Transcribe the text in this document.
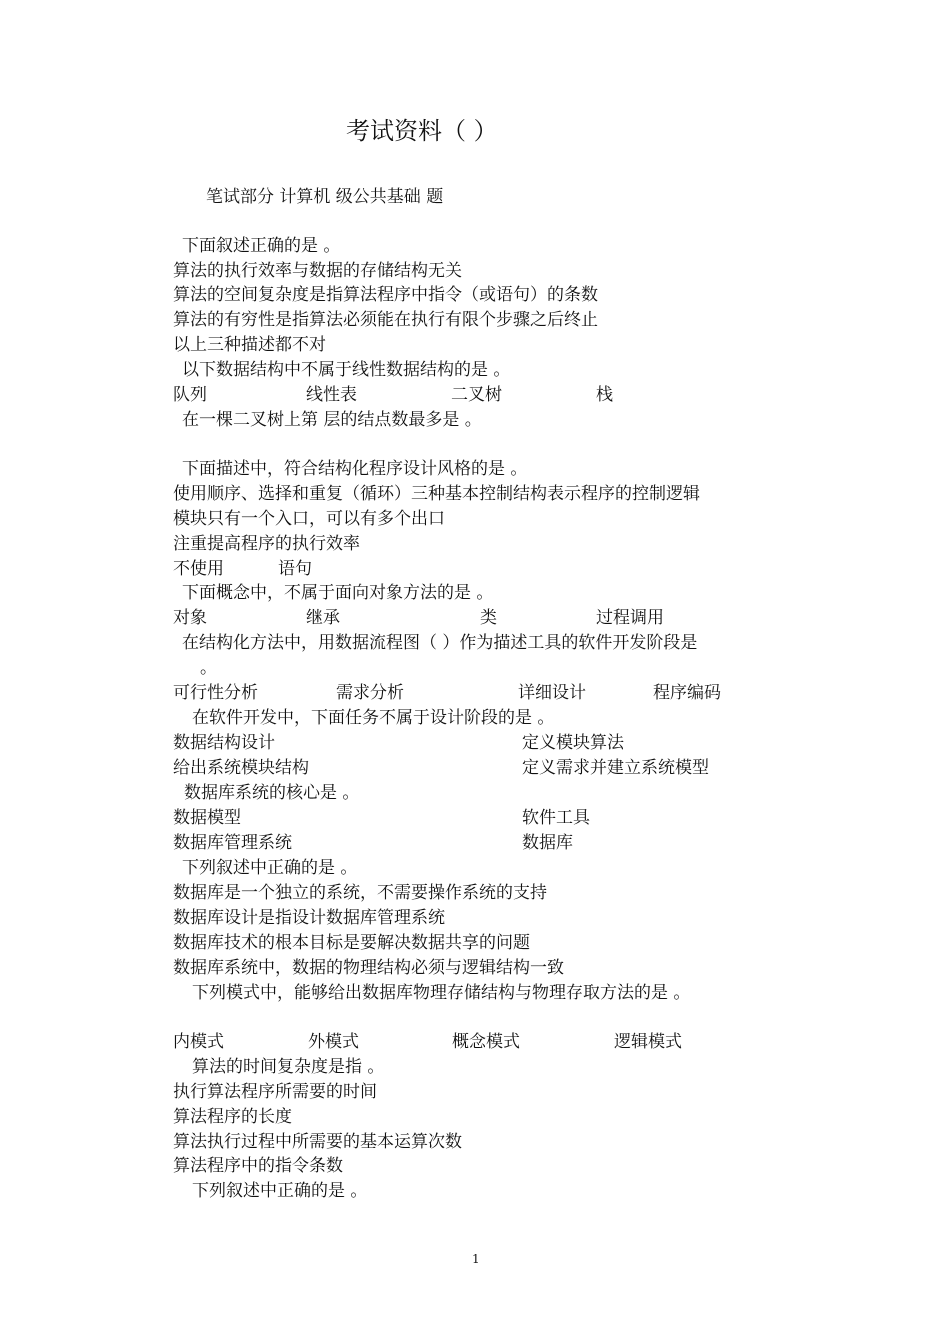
考试资料（ ）
笔试部分 计算机 级公共基础 题
下面叙述正确的是 。
算法的执行效率与数据的存储结构无关
算法的空间复杂度是指算法程序中指令（或语句）的条数
算法的有穷性是指算法必须能在执行有限个步骤之后终止
以上三种描述都不对
以下数据结构中不属于线性数据结构的是 。
队列	线性表	二叉树	栈
在一棵二叉树上第 层的结点数最多是 。
下面描述中，符合结构化程序设计风格的是 。
使用顺序、选择和重复（循环）三种基本控制结构表示程序的控制逻辑
模块只有一个入口，可以有多个出口
注重提高程序的执行效率
不使用	语句
下面概念中，不属于面向对象方法的是 。
对象	继承	类	过程调用
在结构化方法中，用数据流程图（ ）作为描述工具的软件开发阶段是
。
可行性分析	需求分析	详细设计	程序编码
在软件开发中，下面任务不属于设计阶段的是 。
数据结构设计	定义模块算法
给出系统模块结构	定义需求并建立系统模型
数据库系统的核心是 。
数据模型	软件工具
数据库管理系统	数据库
下列叙述中正确的是 。
数据库是一个独立的系统，不需要操作系统的支持
数据库设计是指设计数据库管理系统
数据库技术的根本目标是要解决数据共享的问题
数据库系统中，数据的物理结构必须与逻辑结构一致
下列模式中，能够给出数据库物理存储结构与物理存取方法的是 。
内模式	外模式	概念模式	逻辑模式
算法的时间复杂度是指 。
执行算法程序所需要的时间
算法程序的长度
算法执行过程中所需要的基本运算次数
算法程序中的指令条数
下列叙述中正确的是 。
1
